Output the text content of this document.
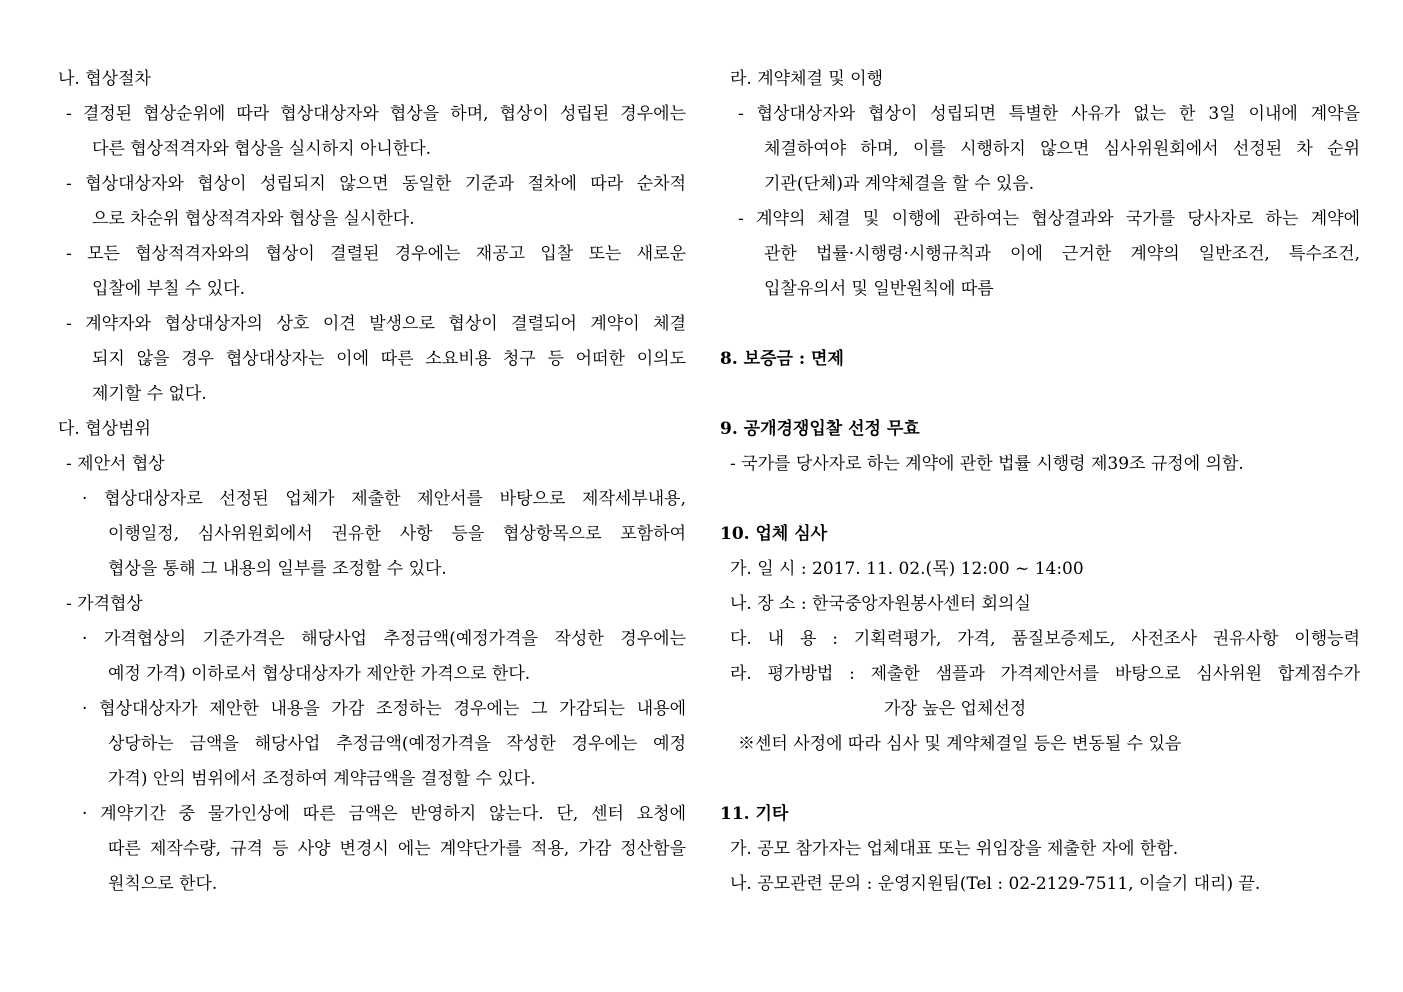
나. 협상절차
- 결정된 협상순위에 따라 협상대상자와 협상을 하며, 협상이 성립된 경우에는
다른 협상적격자와 협상을 실시하지 아니한다.
- 협상대상자와 협상이 성립되지 않으면 동일한 기준과 절차에 따라 순차적
으로 차순위 협상적격자와 협상을 실시한다.
- 모든 협상적격자와의 협상이 결렬된 경우에는 재공고 입찰 또는 새로운
입찰에 부칠 수 있다.
- 계약자와 협상대상자의 상호 이견 발생으로 협상이 결렬되어 계약이 체결
되지 않을 경우 협상대상자는 이에 따른 소요비용 청구 등 어떠한 이의도
제기할 수 없다.
다. 협상범위
- 제안서 협상
· 협상대상자로 선정된 업체가 제출한 제안서를 바탕으로 제작세부내용,
이행일정, 심사위원회에서 권유한 사항 등을 협상항목으로 포함하여
협상을 통해 그 내용의 일부를 조정할 수 있다.
- 가격협상
· 가격협상의 기준가격은 해당사업 추정금액(예정가격을 작성한 경우에는
예정 가격) 이하로서 협상대상자가 제안한 가격으로 한다.
· 협상대상자가 제안한 내용을 가감 조정하는 경우에는 그 가감되는 내용에
상당하는 금액을 해당사업 추정금액(예정가격을 작성한 경우에는 예정
가격) 안의 범위에서 조정하여 계약금액을 결정할 수 있다.
· 계약기간 중 물가인상에 따른 금액은 반영하지 않는다. 단, 센터 요청에
따른 제작수량, 규격 등 사양 변경시 에는 계약단가를 적용, 가감 정산함을
원칙으로 한다.
라. 계약체결 및 이행
- 협상대상자와 협상이 성립되면 특별한 사유가 없는 한 3일 이내에 계약을
체결하여야 하며, 이를 시행하지 않으면 심사위원회에서 선정된 차 순위
기관(단체)과 계약체결을 할 수 있음.
- 계약의 체결 및 이행에 관하여는 협상결과와 국가를 당사자로 하는 계약에
관한 법률·시행령·시행규칙과 이에 근거한 계약의 일반조건, 특수조건,
입찰유의서 및 일반원칙에 따름
8. 보증금 : 면제
9. 공개경쟁입찰 선정 무효
- 국가를 당사자로 하는 계약에 관한 법률 시행령 제39조 규정에 의함.
10. 업체 심사
가. 일 시 : 2017. 11. 02.(목) 12:00 ~ 14:00
나. 장 소 : 한국중앙자원봉사센터 회의실
다. 내 용 : 기획력평가, 가격, 품질보증제도, 사전조사 권유사항 이행능력
라. 평가방법 : 제출한 샘플과 가격제안서를 바탕으로 심사위원 합계점수가
가장 높은 업체선정
※센터 사정에 따라 심사 및 계약체결일 등은 변동될 수 있음
11. 기타
가. 공모 참가자는 업체대표 또는 위임장을 제출한 자에 한함.
나. 공모관련 문의 : 운영지원팀(Tel : 02-2129-7511, 이슬기 대리) 끝.
